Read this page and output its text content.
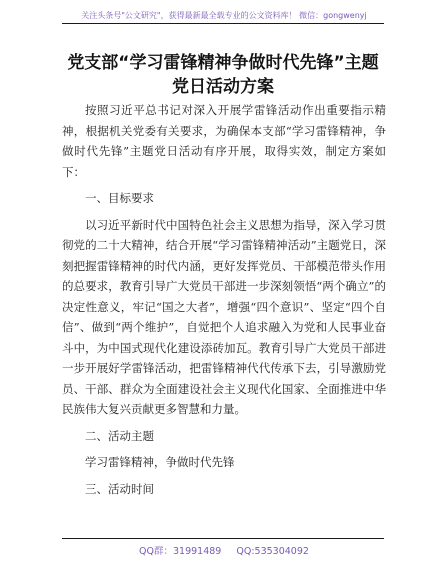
关注头条号"公文研究"，获得最新最全载专业的公文资料库！ 微信：gongwenyj
党支部“学习雷锋精神争做时代先锋”主题党日活动方案

按照习近平总书记对深入开展学雷锋活动作出重要指示精神，根据机关党委有关要求，为确保本支部“学习雷锋精神，争做时代先锋”主题党日活动有序开展，取得实效，制定方案如下：

一、目标要求

以习近平新时代中国特色社会主义思想为指导，深入学习贯彻党的二十大精神，结合开展“学习雷锋精神活动”主题党日，深刻把握雷锋精神的时代内涵，更好发挥党员、干部模范带头作用的总要求，教育引导广大党员干部进一步深刻领悟“两个确立”的决定性意义，牢记“国之大者”，增强“四个意识”、坚定“四个自信”、做到“两个维护”，自觉把个人追求融入为党和人民事业奋斗中，为中国式现代化建设添砖加瓦。教育引导广大党员干部进一步开展好学雷锋活动，把雷锋精神代代传承下去，引导激励党员、干部、群众为全面建设社会主义现代化国家、全面推进中华民族伟大复兴贡献更多智慧和力量。

二、活动主题
学习雷锋精神，争做时代先锋
三、活动时间
QQ群：31991489 QQ:535304092
